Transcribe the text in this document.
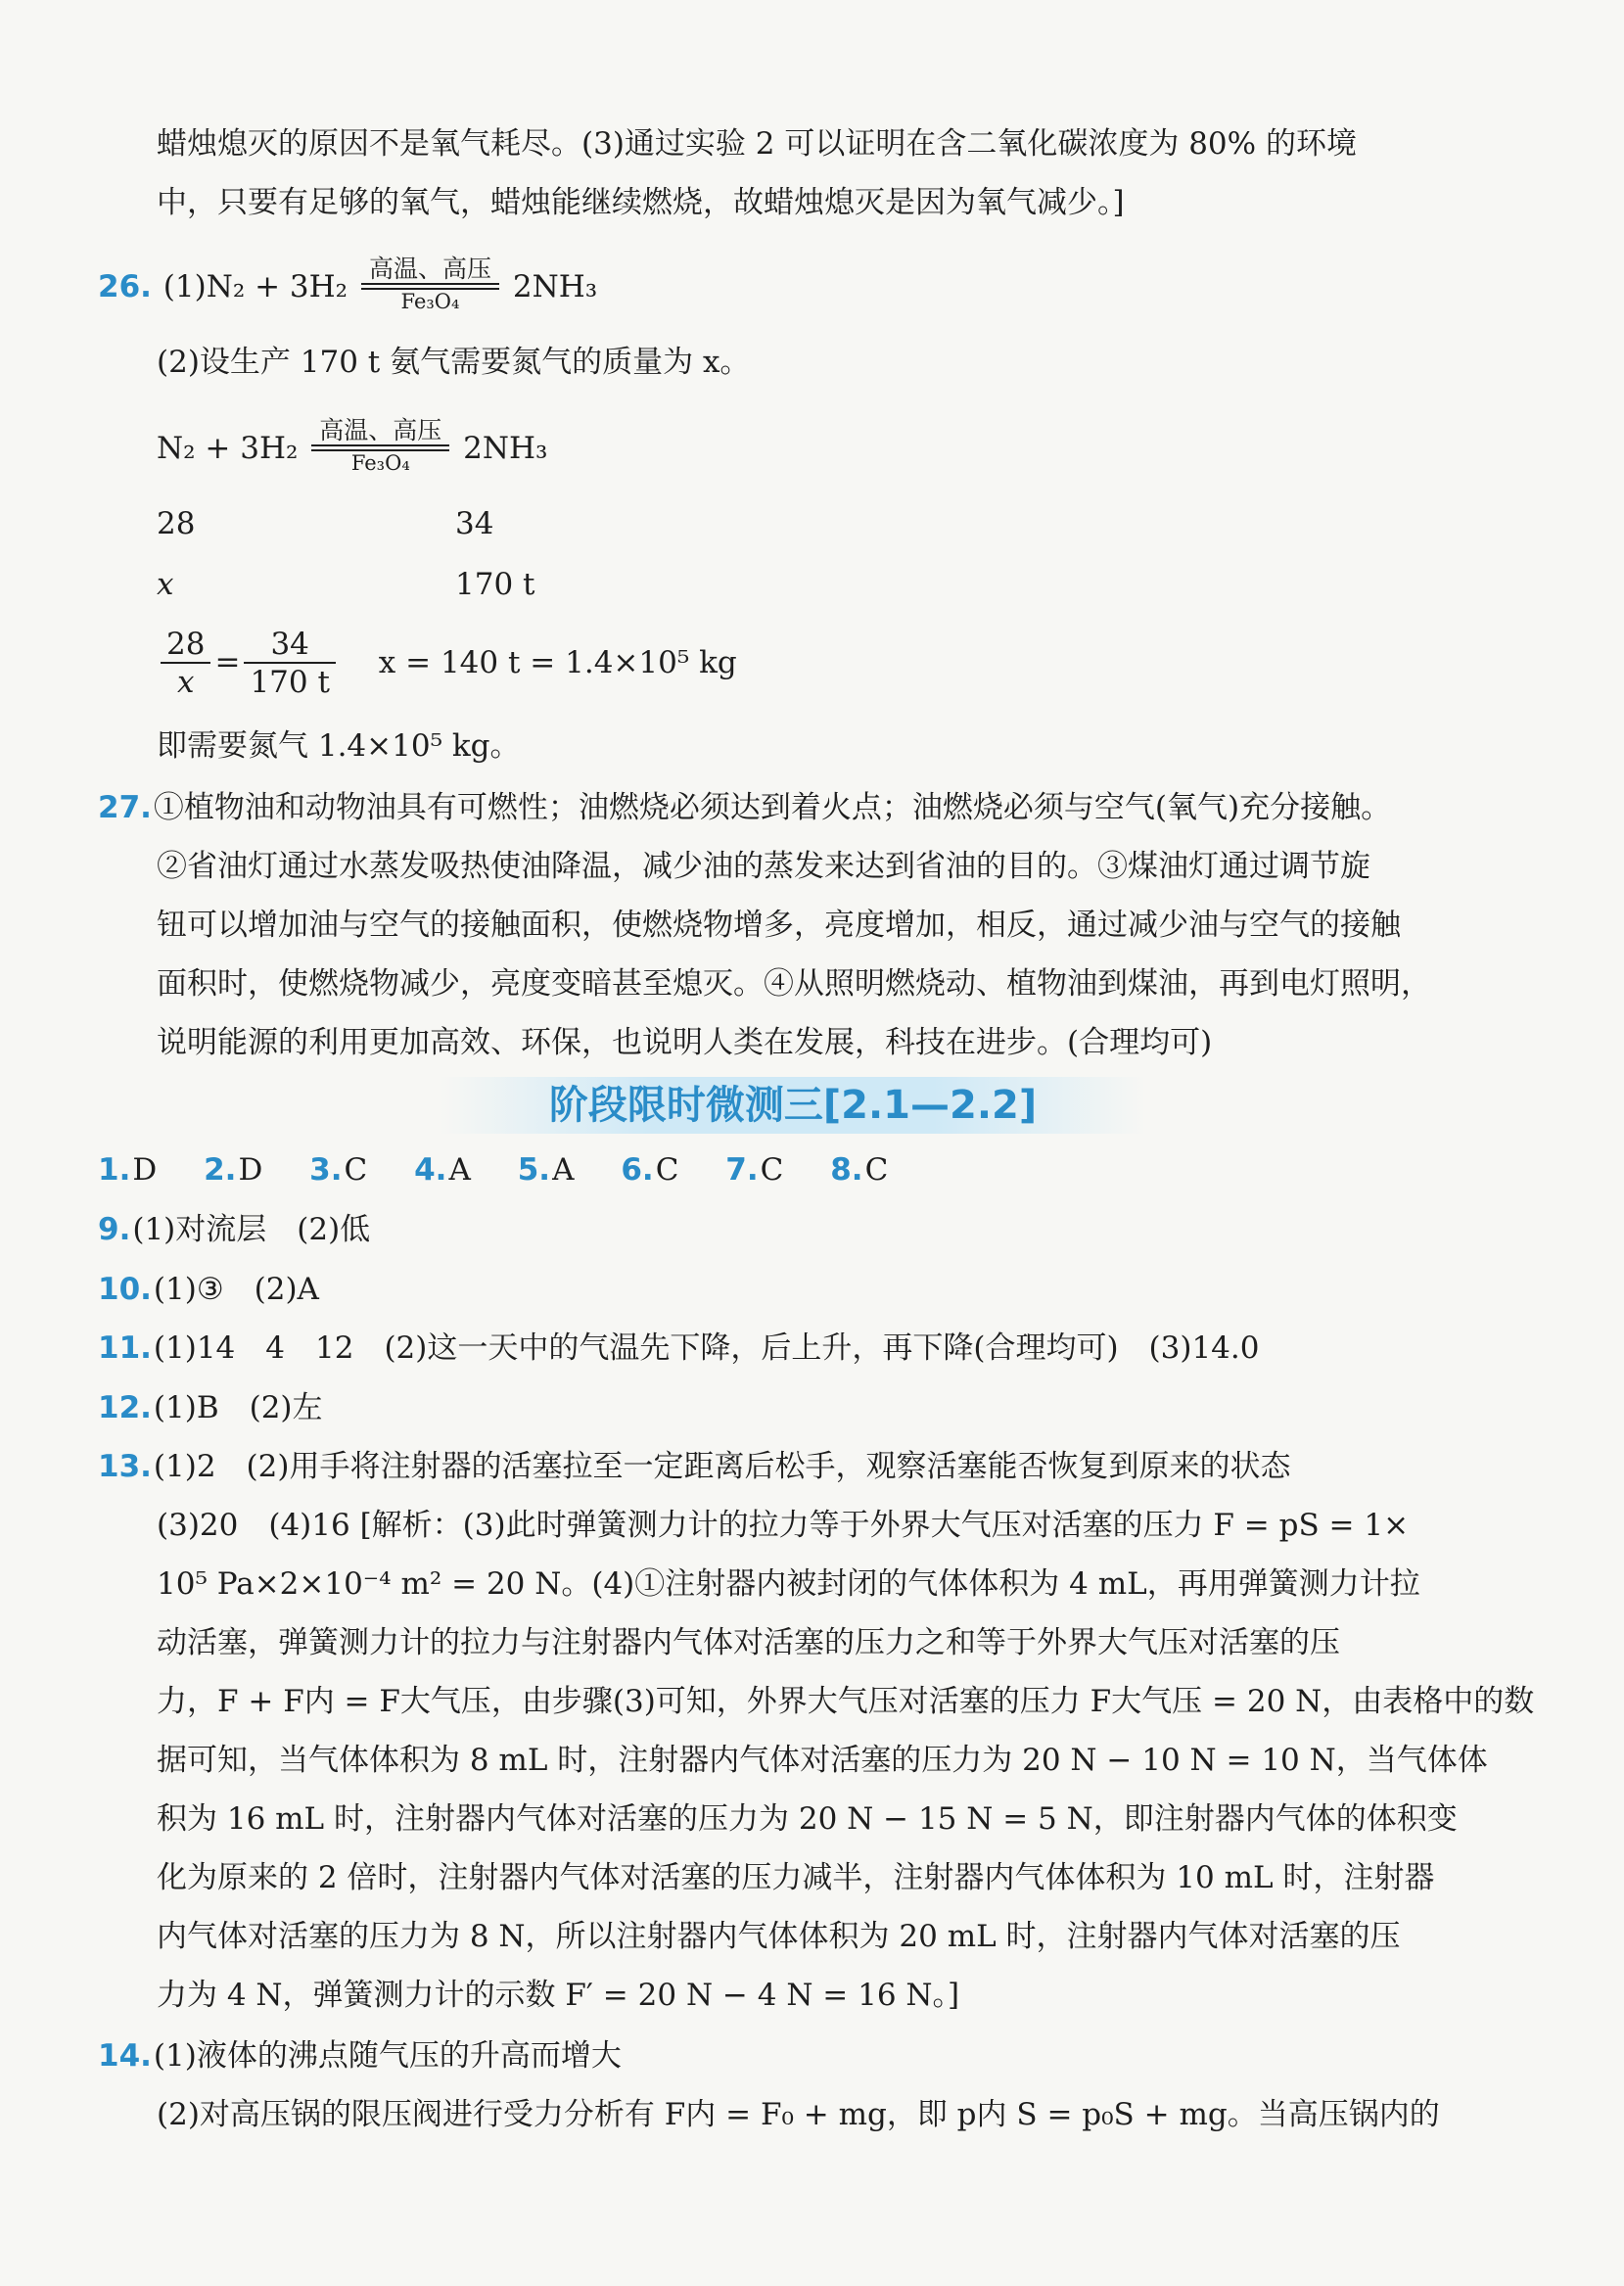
蜡烛熄灭的原因不是氧气耗尽。(3)通过实验 2 可以证明在含二氧化碳浓度为 80% 的环境
中，只要有足够的氧气，蜡烛能继续燃烧，故蜡烛熄灭是因为氧气减少。]
26. (1)N₂ + 3H₂
高温、高压
Fe₃O₄	2NH₃
(2)设生产 170 t 氨气需要氮气的质量为 x。
N₂ + 3H₂
高温、高压
Fe₃O₄	2NH₃
28	34
x	170 t
$\frac{28}{x} = \frac{34}{170 t}$ x = 140 t = 1.4×10⁵ kg
即需要氮气 1.4×10⁵ kg。
27.①植物油和动物油具有可燃性；油燃烧必须达到着火点；油燃烧必须与空气(氧气)充分接触。
②省油灯通过水蒸发吸热使油降温，减少油的蒸发来达到省油的目的。③煤油灯通过调节旋
钮可以增加油与空气的接触面积，使燃烧物增多，亮度增加，相反，通过减少油与空气的接触
面积时，使燃烧物减少，亮度变暗甚至熄灭。④从照明燃烧动、植物油到煤油，再到电灯照明，
说明能源的利用更加高效、环保，也说明人类在发展，科技在进步。(合理均可)
阶段限时微测三[2.1—2.2]
1.D 2.D 3.C 4.A 5.A 6.C 7.C 8.C
9.(1)对流层　(2)低
10.(1)③　(2)A
11.(1)14　4　12　(2)这一天中的气温先下降，后上升，再下降(合理均可)　(3)14.0
12.(1)B　(2)左
13.(1)2　(2)用手将注射器的活塞拉至一定距离后松手，观察活塞能否恢复到原来的状态
(3)20　(4)16 [解析：(3)此时弹簧测力计的拉力等于外界大气压对活塞的压力 F = pS = 1×
10⁵ Pa×2×10⁻⁴ m² = 20 N。(4)①注射器内被封闭的气体体积为 4 mL，再用弹簧测力计拉
动活塞，弹簧测力计的拉力与注射器内气体对活塞的压力之和等于外界大气压对活塞的压
力，F + F内 = F大气压，由步骤(3)可知，外界大气压对活塞的压力 F大气压 = 20 N，由表格中的数
据可知，当气体体积为 8 mL 时，注射器内气体对活塞的压力为 20 N − 10 N = 10 N，当气体体
积为 16 mL 时，注射器内气体对活塞的压力为 20 N − 15 N = 5 N，即注射器内气体的体积变
化为原来的 2 倍时，注射器内气体对活塞的压力减半，注射器内气体体积为 10 mL 时，注射器
内气体对活塞的压力为 8 N，所以注射器内气体体积为 20 mL 时，注射器内气体对活塞的压
力为 4 N，弹簧测力计的示数 F′ = 20 N − 4 N = 16 N。]
14.(1)液体的沸点随气压的升高而增大
(2)对高压锅的限压阀进行受力分析有 F内 = F₀ + mg，即 p内 S = p₀S + mg。当高压锅内的
